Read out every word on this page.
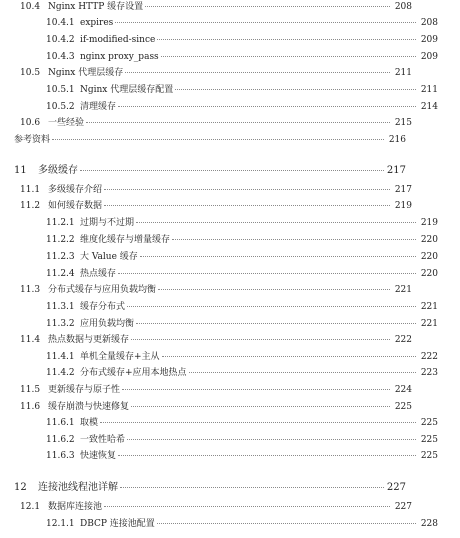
10.4 Nginx HTTP 缓存设置	208
10.4.1 expires	208
10.4.2 if-modified-since	209
10.4.3 nginx proxy_pass	209
10.5 Nginx 代理层缓存	211
10.5.1 Nginx 代理层缓存配置	211
10.5.2 清理缓存	214
10.6 一些经验	215
参考资料	216
11	多级缓存	217
11.1 多级缓存介绍	217
11.2 如何缓存数据	219
11.2.1 过期与不过期	219
11.2.2 维度化缓存与增量缓存	220
11.2.3 大 Value 缓存	220
11.2.4 热点缓存	220
11.3 分布式缓存与应用负载均衡	221
11.3.1 缓存分布式	221
11.3.2 应用负载均衡	221
11.4 热点数据与更新缓存	222
11.4.1 单机全量缓存+主从	222
11.4.2 分布式缓存+应用本地热点	223
11.5 更新缓存与原子性	224
11.6 缓存崩溃与快速修复	225
11.6.1 取模	225
11.6.2 一致性哈希	225
11.6.3 快速恢复	225
12	连接池线程池详解	227
12.1 数据库连接池	227
12.1.1 DBCP 连接池配置	228
